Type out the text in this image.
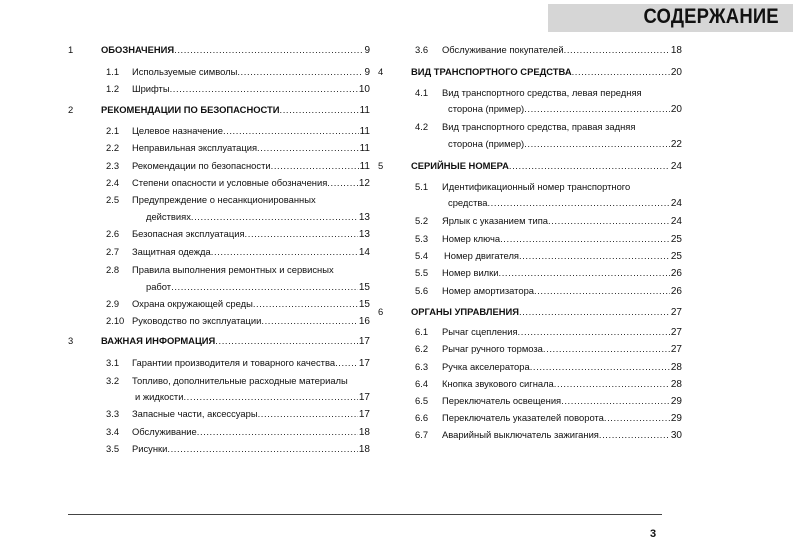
СОДЕРЖАНИЕ
1	ОБОЗНАЧЕНИЯ .....	9
1.1 Используемые символы .....	9
1.2 Шрифты .....	10
2	РЕКОМЕНДАЦИИ ПО БЕЗОПАСНОСТИ .....	11
2.1 Целевое назначение .....	11
2.2 Неправильная эксплуатация .....	11
2.3 Рекомендации по безопасности .....	11
2.4 Степени опасности и условные обозначения .....	12
2.5 Предупреждение о несанкционированных
действиях .....	13
2.6 Безопасная эксплуатация .....	13
2.7 Защитная одежда .....	14
2.8 Правила выполнения ремонтных и сервисных
работ .....	15
2.9 Охрана окружающей среды .....	15
2.10 Руководство по эксплуатации .....	16
3	ВАЖНАЯ ИНФОРМАЦИЯ .....	17
3.1 Гарантии производителя и товарного качества ..... 17
3.2 Топливо, дополнительные расходные материалы
и жидкости .....	17
3.3 Запасные части, аксессуары .....	17
3.4 Обслуживание .....	18
3.5 Рисунки .....	18
3.6 Обслуживание покупателей .....	18
4	ВИД ТРАНСПОРТНОГО СРЕДСТВА .....	20
4.1 Вид транспортного средства, левая передняя
сторона (пример) .....	20
4.2 Вид транспортного средства, правая задняя
сторона (пример) .....	22
5	СЕРИЙНЫЕ НОМЕРА .....	24
5.1 Идентификационный номер транспортного
средства .....	24
5.2 Ярлык с указанием типа .....	24
5.3 Номер ключа .....	25
5.4 Номер двигателя .....	25
5.5 Номер вилки .....	26
5.6 Номер амортизатора .....	26
6	ОРГАНЫ УПРАВЛЕНИЯ .....	27
6.1 Рычаг сцепления .....	27
6.2 Рычаг ручного тормоза .....	27
6.3 Ручка акселератора .....	28
6.4 Кнопка звукового сигнала .....	28
6.5 Переключатель освещения .....	29
6.6 Переключатель указателей поворота .....	29
6.7 Аварийный выключатель зажигания .....	30
3
